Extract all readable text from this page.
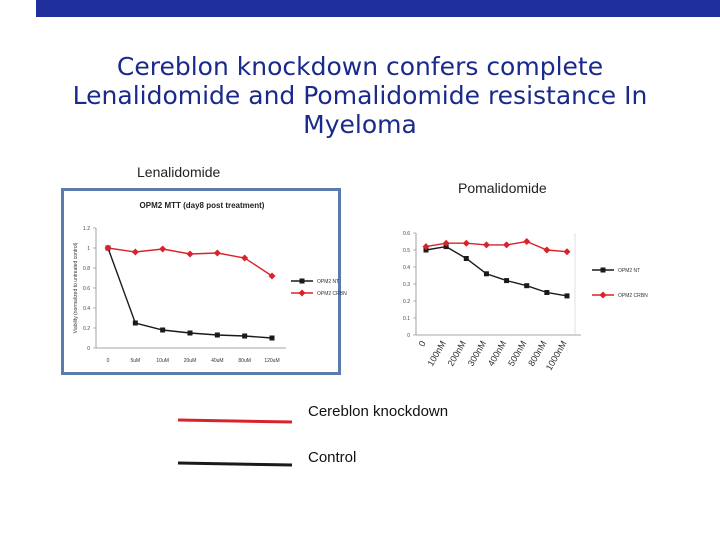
Cereblon knockdown confers complete
Lenalidomide and Pomalidomide resistance In
Myeloma
Lenalidomide
Pomalidomide
0
0.2
0.4
0.6
0.8
1
1.2
0	5uM	10uM	20uM	40uM	80uM	120uM
OPM2 NT
OPM2 CRBN
OPM2 MTT (day8 post treatment)
Viability (normalized to untreated control)
0
0.1
0.2
0.3
0.4
0.5
0.6
0
100nM
200nM
300nM
400nM
500nM
800nM
1000nM
OPM2 NT
OPM2 CRBN
Cereblon knockdown
Control
